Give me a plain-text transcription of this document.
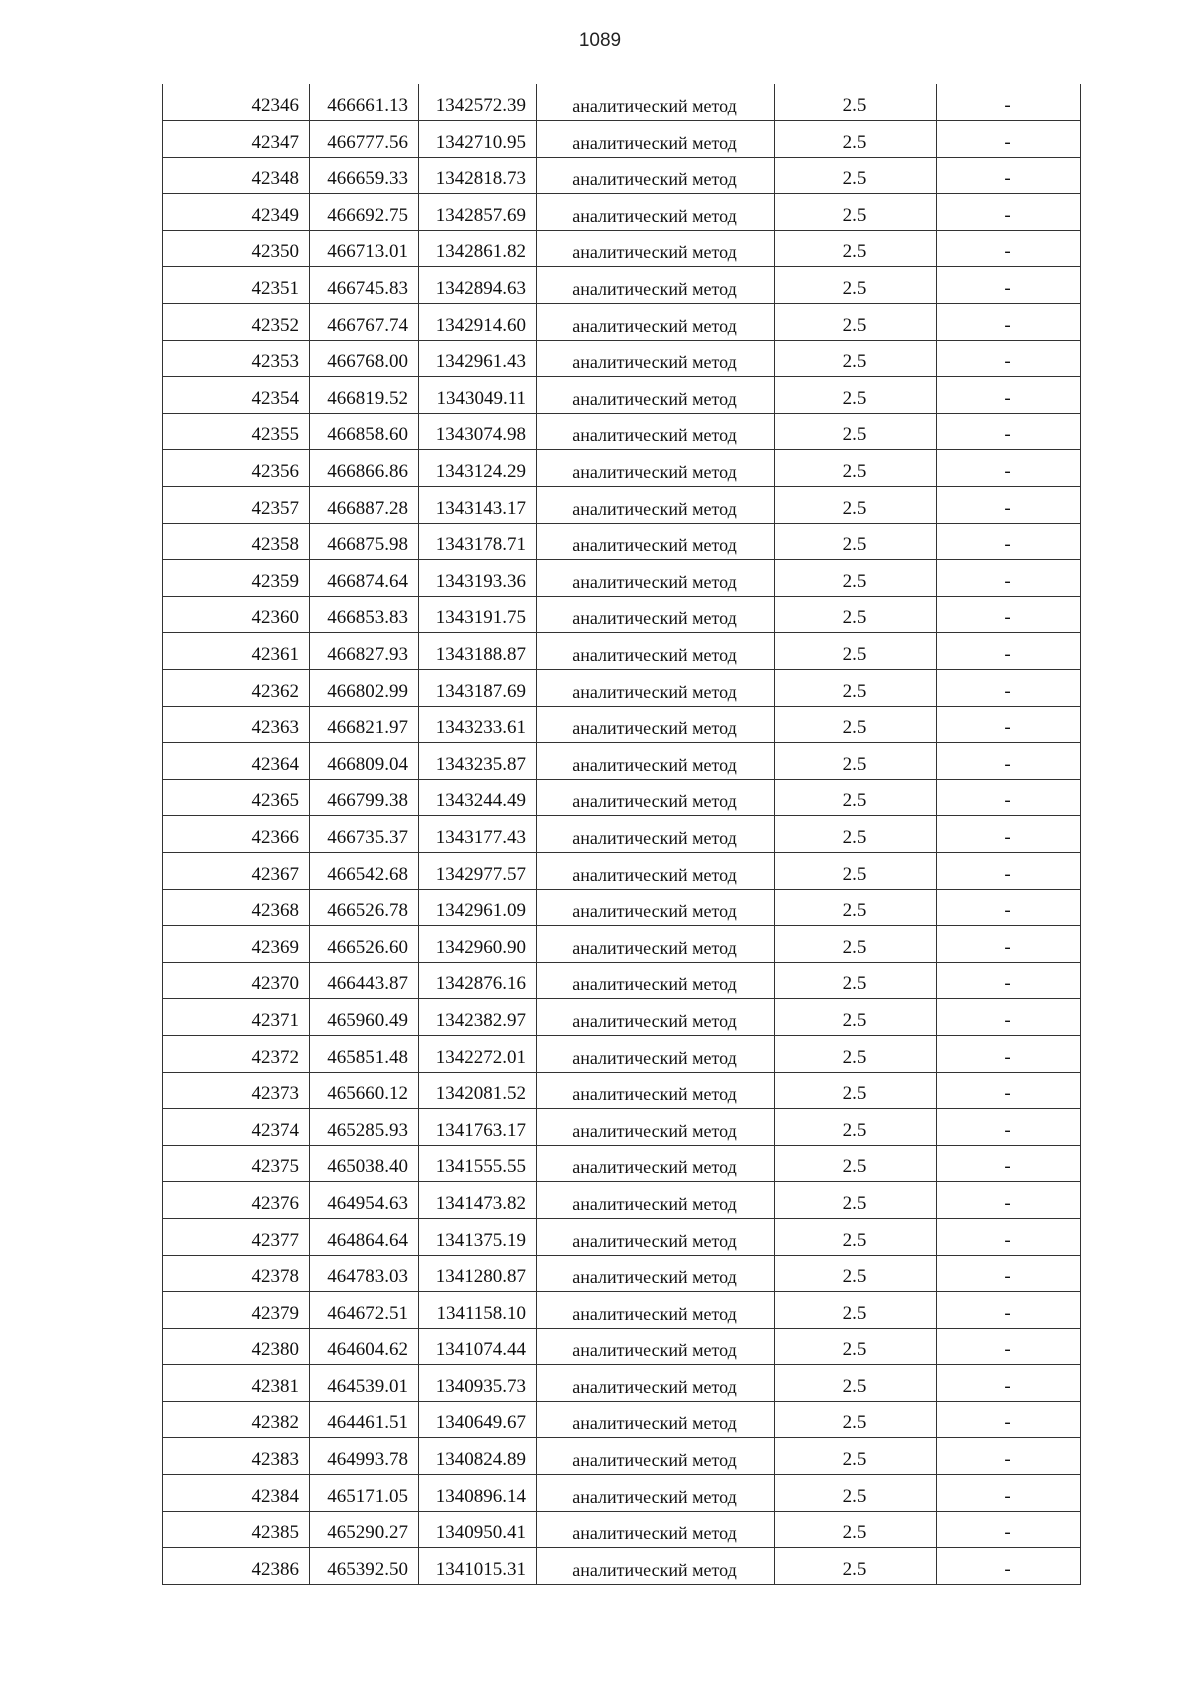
1089
42346	466661.13	1342572.39	аналитический метод	2.5	-
42347	466777.56	1342710.95	аналитический метод	2.5	-
42348	466659.33	1342818.73	аналитический метод	2.5	-
42349	466692.75	1342857.69	аналитический метод	2.5	-
42350	466713.01	1342861.82	аналитический метод	2.5	-
42351	466745.83	1342894.63	аналитический метод	2.5	-
42352	466767.74	1342914.60	аналитический метод	2.5	-
42353	466768.00	1342961.43	аналитический метод	2.5	-
42354	466819.52	1343049.11	аналитический метод	2.5	-
42355	466858.60	1343074.98	аналитический метод	2.5	-
42356	466866.86	1343124.29	аналитический метод	2.5	-
42357	466887.28	1343143.17	аналитический метод	2.5	-
42358	466875.98	1343178.71	аналитический метод	2.5	-
42359	466874.64	1343193.36	аналитический метод	2.5	-
42360	466853.83	1343191.75	аналитический метод	2.5	-
42361	466827.93	1343188.87	аналитический метод	2.5	-
42362	466802.99	1343187.69	аналитический метод	2.5	-
42363	466821.97	1343233.61	аналитический метод	2.5	-
42364	466809.04	1343235.87	аналитический метод	2.5	-
42365	466799.38	1343244.49	аналитический метод	2.5	-
42366	466735.37	1343177.43	аналитический метод	2.5	-
42367	466542.68	1342977.57	аналитический метод	2.5	-
42368	466526.78	1342961.09	аналитический метод	2.5	-
42369	466526.60	1342960.90	аналитический метод	2.5	-
42370	466443.87	1342876.16	аналитический метод	2.5	-
42371	465960.49	1342382.97	аналитический метод	2.5	-
42372	465851.48	1342272.01	аналитический метод	2.5	-
42373	465660.12	1342081.52	аналитический метод	2.5	-
42374	465285.93	1341763.17	аналитический метод	2.5	-
42375	465038.40	1341555.55	аналитический метод	2.5	-
42376	464954.63	1341473.82	аналитический метод	2.5	-
42377	464864.64	1341375.19	аналитический метод	2.5	-
42378	464783.03	1341280.87	аналитический метод	2.5	-
42379	464672.51	1341158.10	аналитический метод	2.5	-
42380	464604.62	1341074.44	аналитический метод	2.5	-
42381	464539.01	1340935.73	аналитический метод	2.5	-
42382	464461.51	1340649.67	аналитический метод	2.5	-
42383	464993.78	1340824.89	аналитический метод	2.5	-
42384	465171.05	1340896.14	аналитический метод	2.5	-
42385	465290.27	1340950.41	аналитический метод	2.5	-
42386	465392.50	1341015.31	аналитический метод	2.5	-
